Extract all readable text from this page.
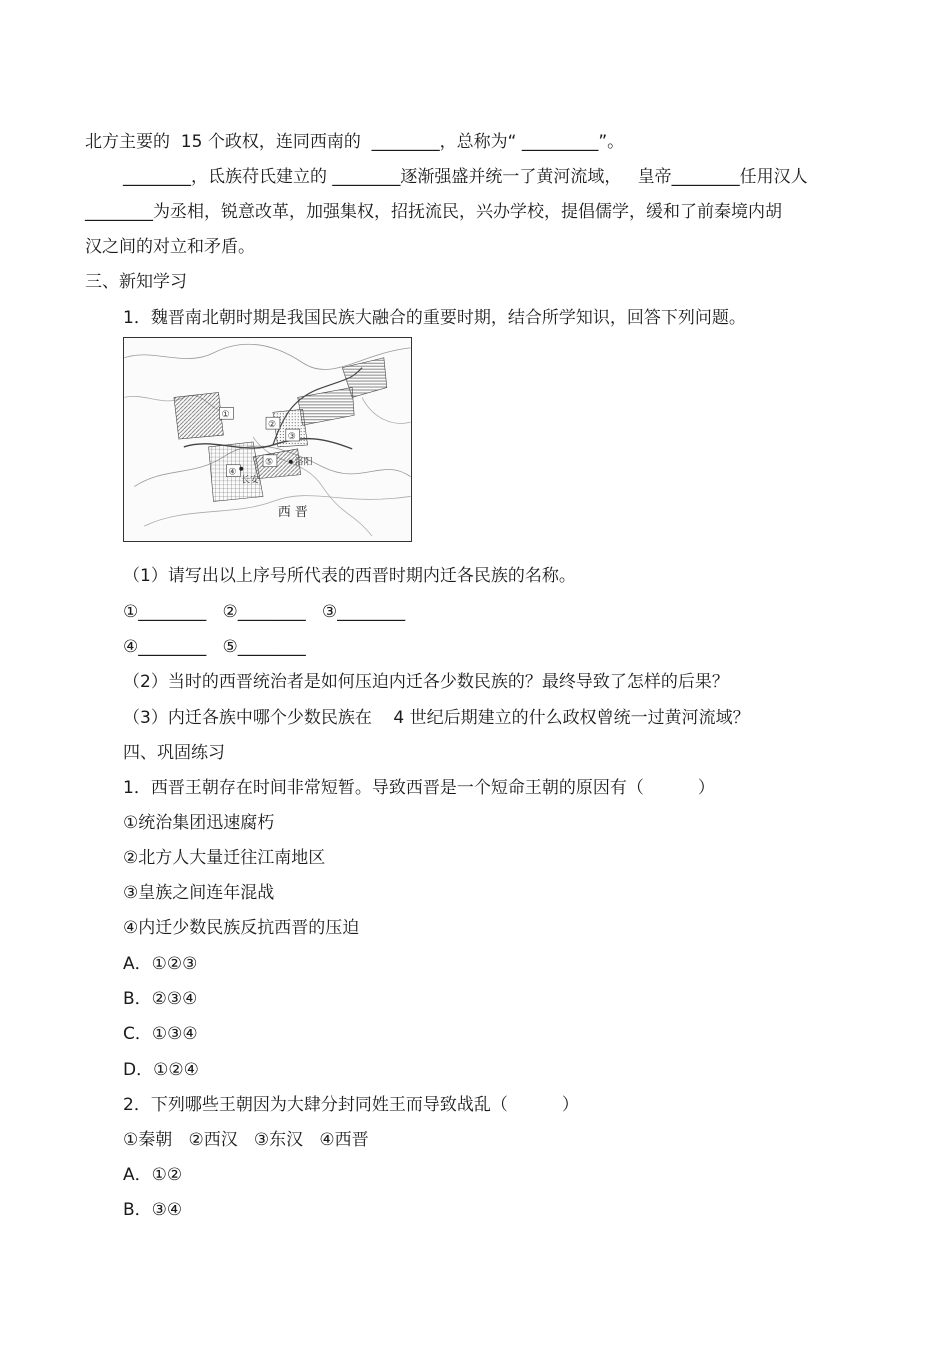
北方主要的  15 个政权，连同西南的  ________，总称为“ _________”。
________，氐族苻氏建立的 ________逐渐强盛并统一了黄河流域，   皇帝________任用汉人
________为丞相，锐意改革，加强集权，招抚流民，兴办学校，提倡儒学，缓和了前秦境内胡
汉之间的对立和矛盾。
三、新知学习
1．魏晋南北朝时期是我国民族大融合的重要时期，结合所学知识，回答下列问题。
①
②
③
④
⑤ 洛阳
长安
西 晋
（1）请写出以上序号所代表的西晋时期内迁各民族的名称。
①________   ②________   ③________
④________   ⑤________
（2）当时的西晋统治者是如何压迫内迁各少数民族的？最终导致了怎样的后果？
（3）内迁各族中哪个少数民族在    4 世纪后期建立的什么政权曾统一过黄河流域？
四、巩固练习
1．西晋王朝存在时间非常短暂。导致西晋是一个短命王朝的原因有（          ）
①统治集团迅速腐朽
②北方人大量迁往江南地区
③皇族之间连年混战
④内迁少数民族反抗西晋的压迫
A．①②③
B．②③④
C．①③④
D．①②④
2．下列哪些王朝因为大肆分封同姓王而导致战乱（          ）
①秦朝   ②西汉   ③东汉   ④西晋
A．①②
B．③④
